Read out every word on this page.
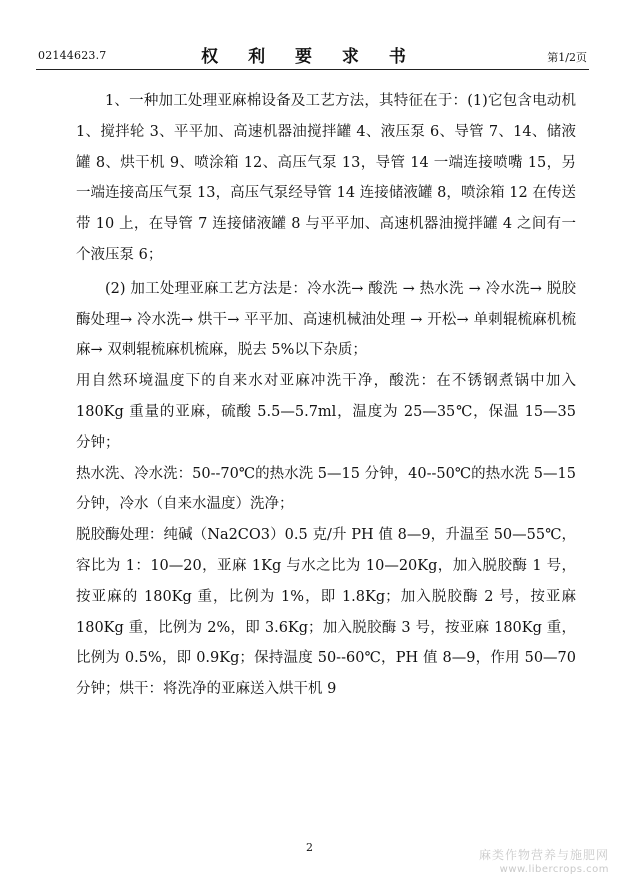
02144623.7	权 利 要 求 书	第1/2页

1、一种加工处理亚麻棉设备及工艺方法，其特征在于：(1)它包含电动机 1、搅拌轮 3、平平加、高速机器油搅拌罐 4、液压泵 6、导管 7、14、储液罐 8、烘干机 9、喷涂箱 12、高压气泵 13，导管 14 一端连接喷嘴 15，另一端连接高压气泵 13，高压气泵经导管 14 连接储液罐 8，喷涂箱 12 在传送带 10 上，在导管 7 连接储液罐 8 与平平加、高速机器油搅拌罐 4 之间有一个液压泵 6；

(2) 加工处理亚麻工艺方法是：冷水洗→ 酸洗 → 热水洗 → 冷水洗→ 脱胶酶处理→ 冷水洗→ 烘干→ 平平加、高速机械油处理 → 开松→ 单刺辊梳麻机梳麻→ 双刺辊梳麻机梳麻，脱去 5%以下杂质；

用自然环境温度下的自来水对亚麻冲洗干净，酸洗：在不锈钢煮锅中加入 180Kg 重量的亚麻，硫酸 5.5—5.7ml，温度为 25—35℃，保温 15—35 分钟；

热水洗、冷水洗：50--70℃的热水洗 5—15 分钟，40--50℃的热水洗 5—15 分钟，冷水（自来水温度）洗净；

脱胶酶处理：纯碱（Na2CO3）0.5 克/升 PH 值 8—9，升温至 50—55℃，容比为 1：10—20，亚麻 1Kg 与水之比为 10—20Kg，加入脱胶酶 1 号，按亚麻的 180Kg 重，比例为 1%，即 1.8Kg；加入脱胶酶 2 号，按亚麻 180Kg 重，比例为 2%，即 3.6Kg；加入脱胶酶 3 号，按亚麻 180Kg 重，比例为 0.5%，即 0.9Kg；保持温度 50--60℃，PH 值 8—9，作用 50—70 分钟；烘干：将洗净的亚麻送入烘干机 9

2
麻类作物营养与施肥网
www.libercrops.com
